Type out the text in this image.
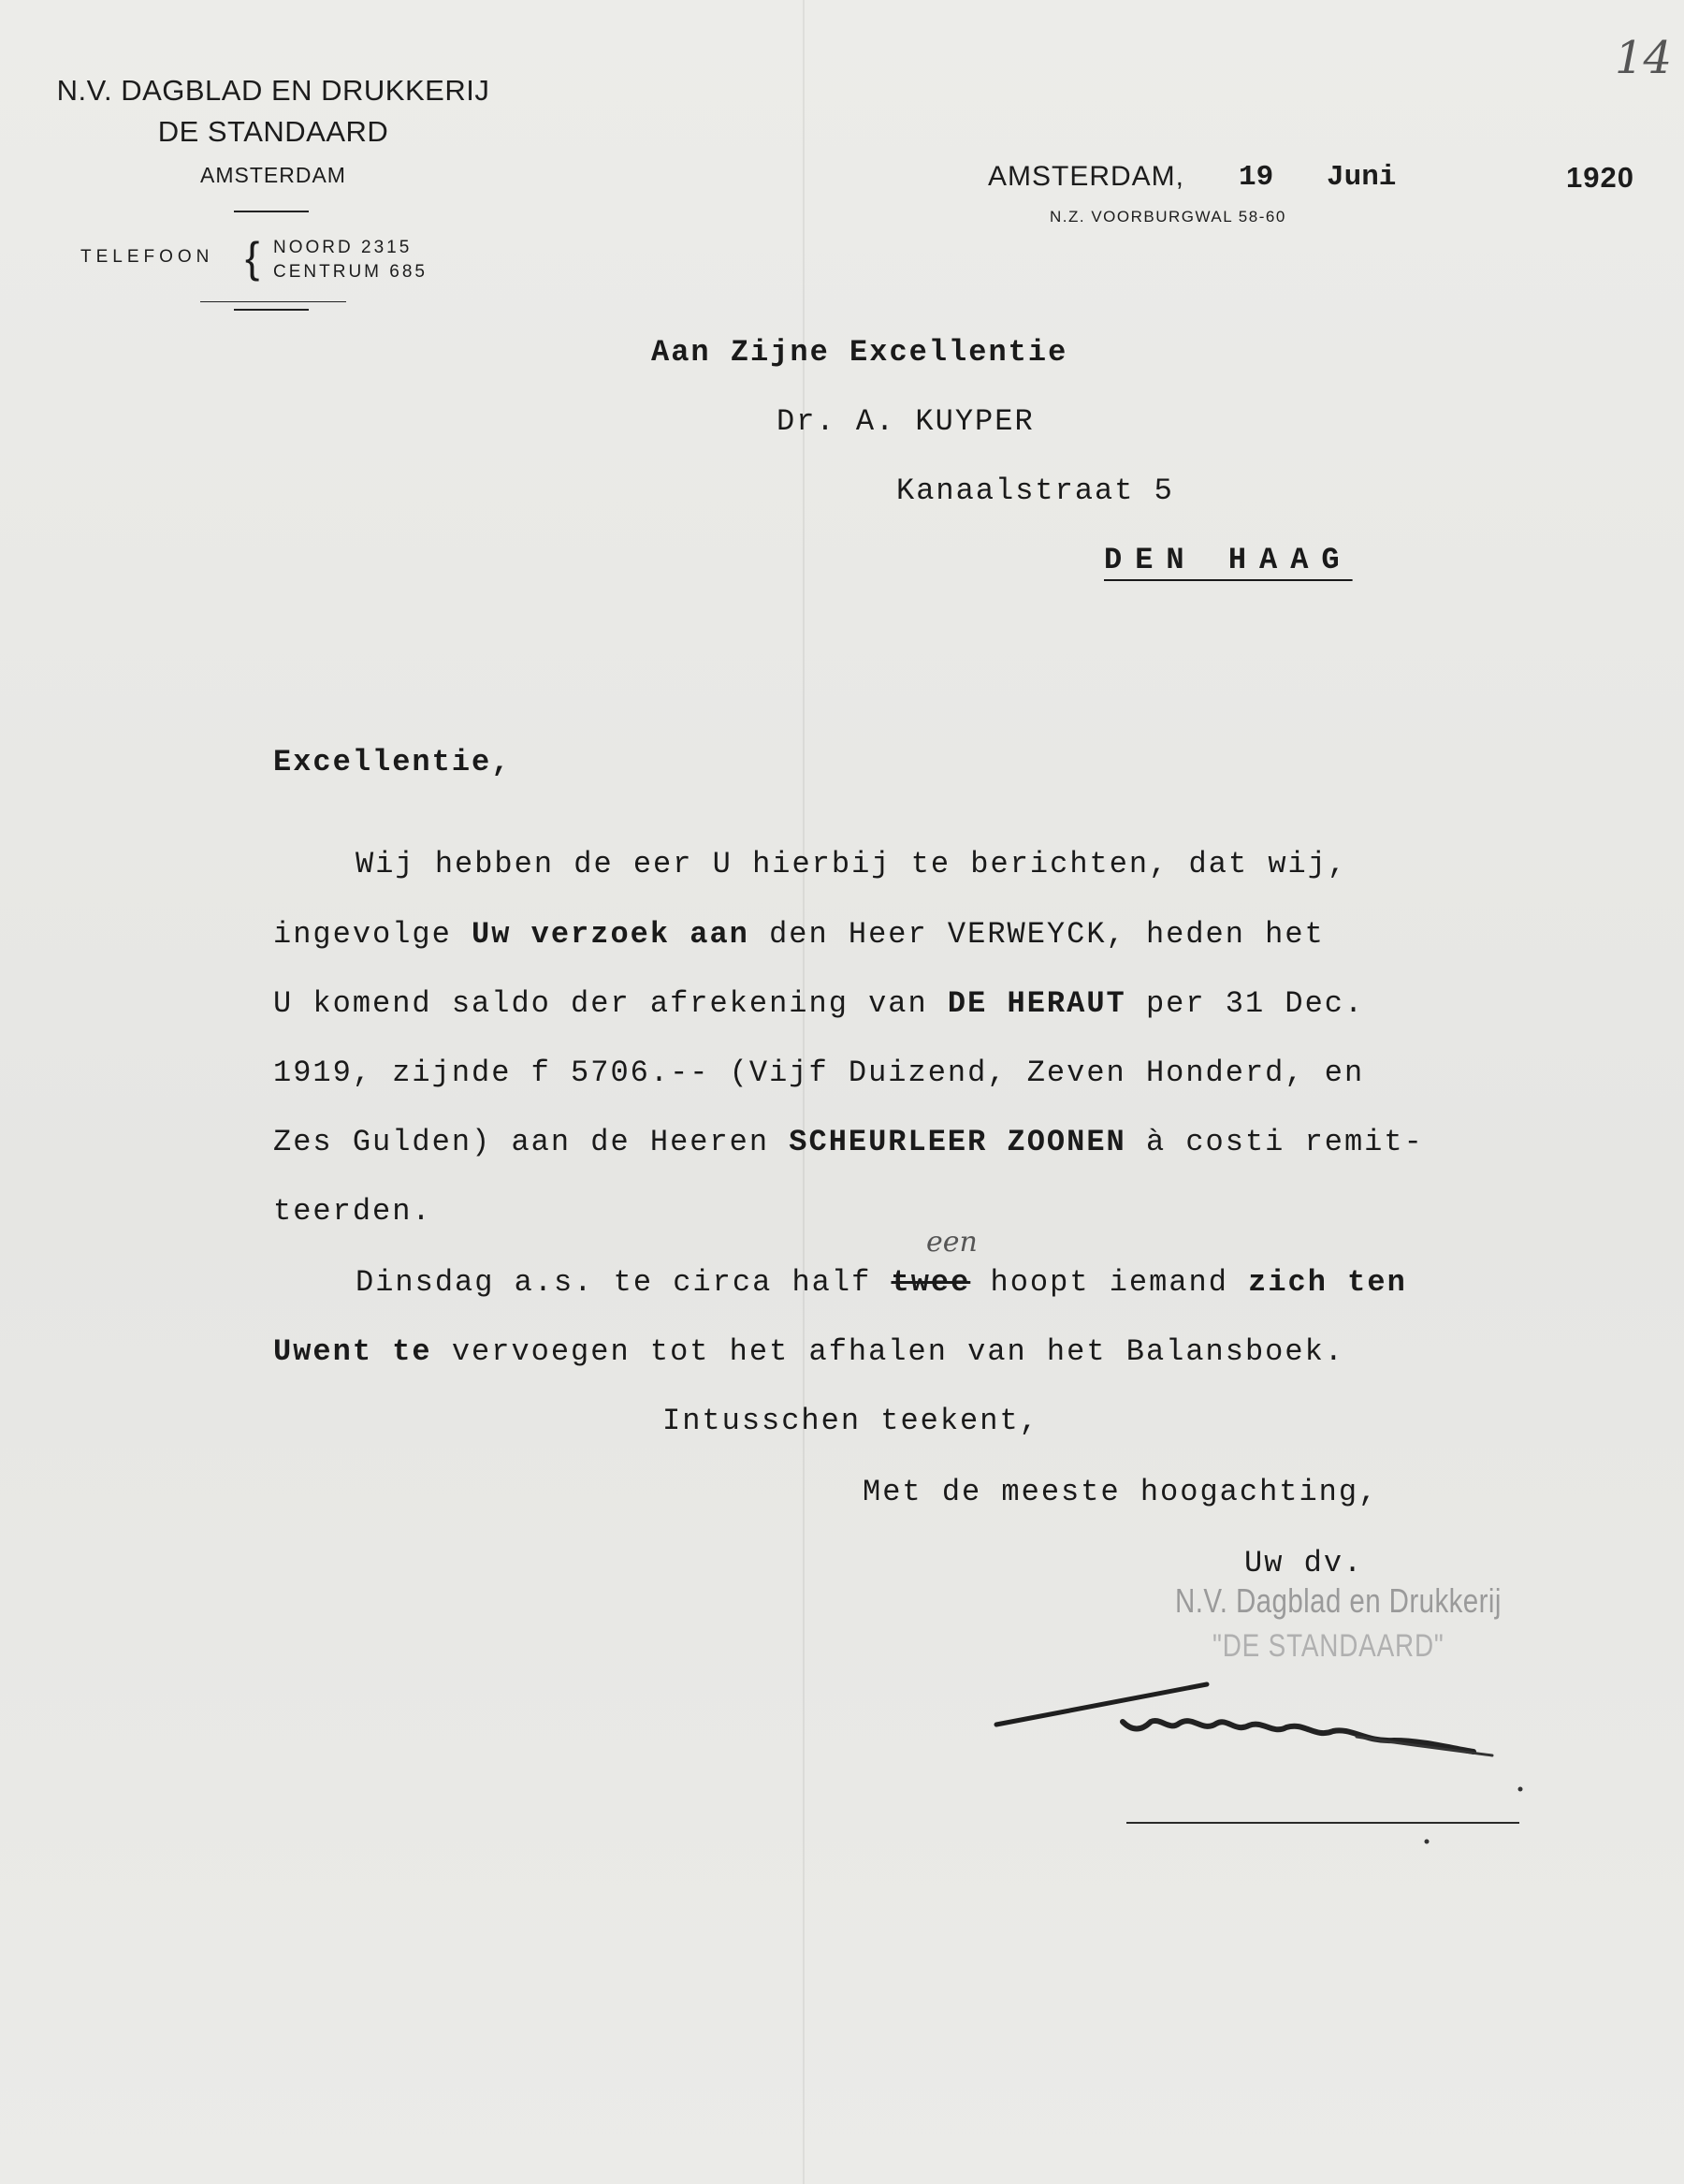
14
N.V. DAGBLAD EN DRUKKERIJ
DE STANDAARD
AMSTERDAM
TELEFOON { NOORD 2315
CENTRUM 685
AMSTERDAM, 19 Juni	1920
N.Z. VOORBURGWAL 58-60
Aan Zijne Excellentie
Dr. A. KUYPER
Kanaalstraat 5
DEN HAAG
Excellentie,
Wij hebben de eer U hierbij te berichten, dat wij,
ingevolge Uw verzoek aan den Heer VERWEYCK, heden het
U komend saldo der afrekening van DE HERAUT per 31 Dec.
1919, zijnde f 5706.-- (Vijf Duizend, Zeven Honderd, en
Zes Gulden) aan de Heeren SCHEURLEER ZOONEN à costi remit-
teerden.
een
Dinsdag a.s. te circa half twee hoopt iemand zich ten
Uwent te vervoegen tot het afhalen van het Balansboek.
Intusschen teekent,
Met de meeste hoogachting,
Uw dv.
N.V. Dagblad en Drukkerij
"DE STANDAARD"
